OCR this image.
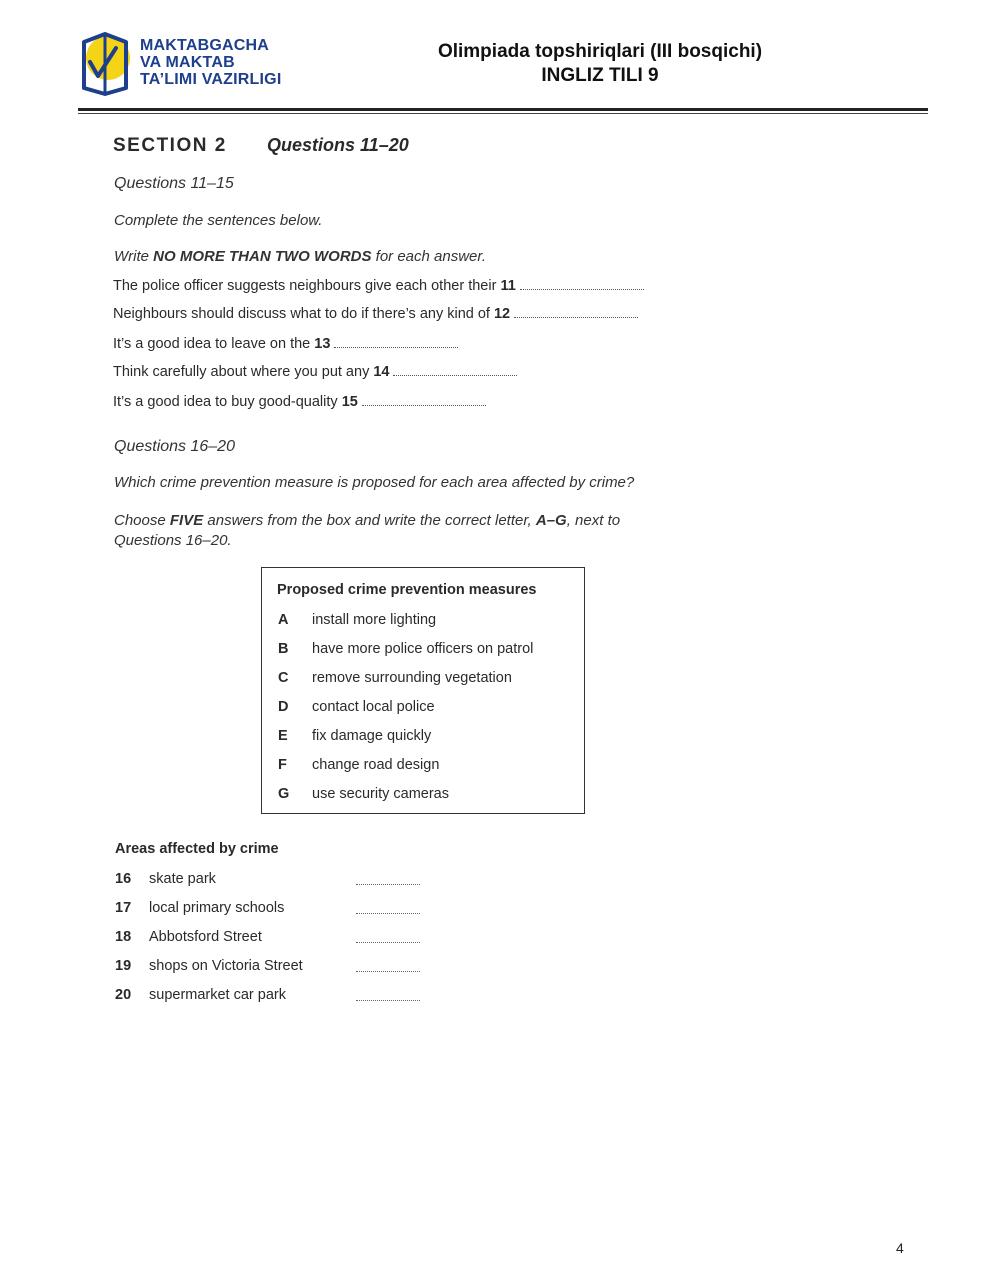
MAKTABGACHA
VA MAKTAB
TA’LIMI VAZIRLIGI
Olimpiada topshiriqlari (III bosqichi)
INGLIZ TILI 9
SECTION 2 Questions 11–20
Questions 11–15
Complete the sentences below.
Write NO MORE THAN TWO WORDS for each answer.
The police officer suggests neighbours give each other their 11
Neighbours should discuss what to do if there’s any kind of 12
It’s a good idea to leave on the 13
Think carefully about where you put any 14
It’s a good idea to buy good-quality 15
Questions 16–20
Which crime prevention measure is proposed for each area affected by crime?
Choose FIVE answers from the box and write the correct letter, A–G, next to
Questions 16–20.
Proposed crime prevention measures
A install more lighting
B have more police officers on patrol
C remove surrounding vegetation
D contact local police
E fix damage quickly
F change road design
G use security cameras
Areas affected by crime
16 skate park
17 local primary schools
18 Abbotsford Street
19 shops on Victoria Street
20 supermarket car park
4
